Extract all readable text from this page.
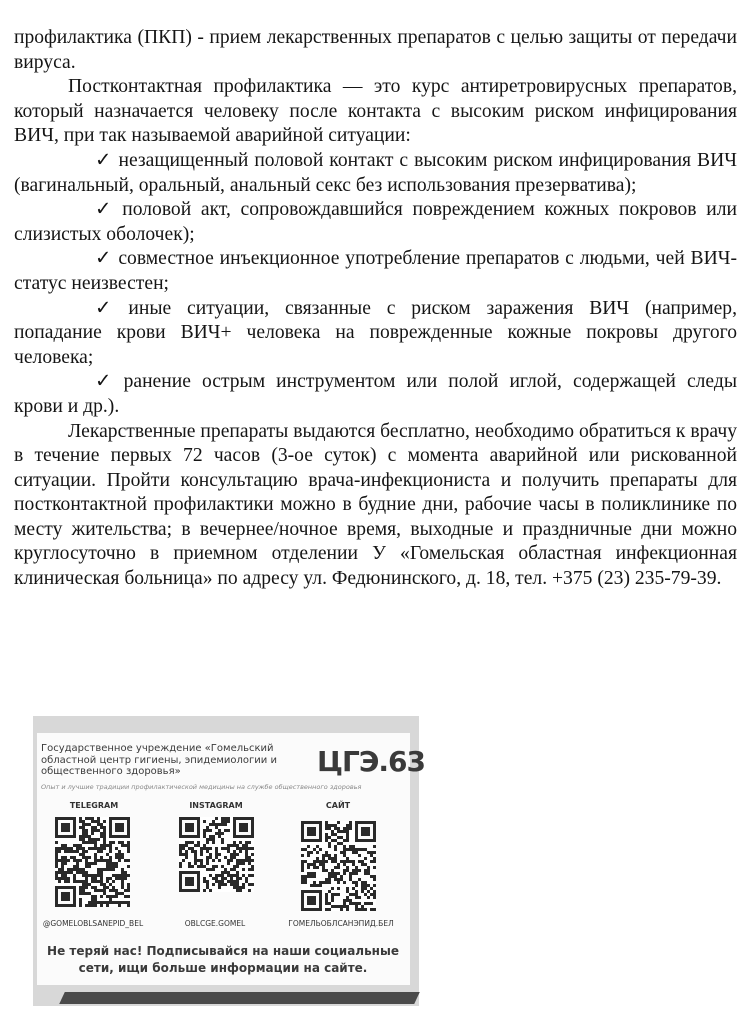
профилактика (ПКП) - прием лекарственных препаратов с целью защиты от передачи вируса.

Постконтактная профилактика — это курс антиретровирусных препаратов, который назначается человеку после контакта с высоким риском инфицирования ВИЧ, при так называемой аварийной ситуации:

✓ незащищенный половой контакт с высоким риском инфицирования ВИЧ (вагинальный, оральный, анальный секс без использования презерватива);

✓ половой акт, сопровождавшийся повреждением кожных покровов или слизистых оболочек);

✓ совместное инъекционное употребление препаратов с людьми, чей ВИЧ-статус неизвестен;

✓ иные ситуации, связанные с риском заражения ВИЧ (например, попадание крови ВИЧ+ человека на поврежденные кожные покровы другого человека;

✓ ранение острым инструментом или полой иглой, содержащей следы крови и др.).

Лекарственные препараты выдаются бесплатно, необходимо обратиться к врачу в течение первых 72 часов (3-ое суток) с момента аварийной или рискованной ситуации. Пройти консультацию врача-инфекциониста и получить препараты для постконтактной профилактики можно в будние дни, рабочие часы в поликлинике по месту жительства; в вечернее/ночное время, выходные и праздничные дни можно круглосуточно в приемном отделении У «Гомельская областная инфекционная клиническая больница» по адресу ул. Федюнинского, д. 18, тел. +375 (23) 235-79-39.

Государственное учреждение «Гомельский областной центр гигиены, эпидемиологии и общественного здоровья»	ЦГЭ.63
Опыт и лучшие традиции профилактической медицины на службе общественного здоровья
TELEGRAM
@GOMELOBLSANEPID_BEL
INSTAGRAM
OBLCGE.GOMEL
САЙТ
ГОМЕЛЬОБЛСАНЭПИД.БЕЛ
Не теряй нас! Подписывайся на наши социальные сети, ищи больше информации на сайте.
